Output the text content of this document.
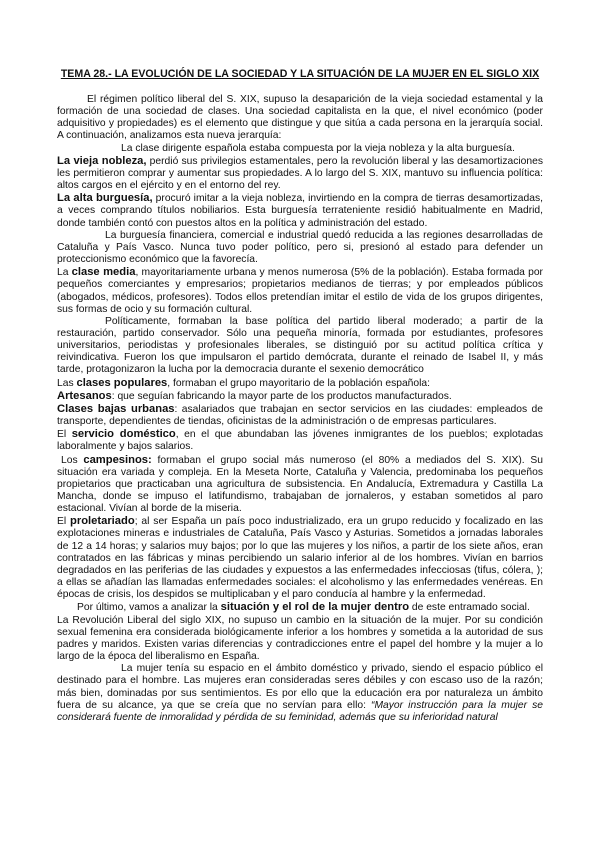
TEMA 28.- LA EVOLUCIÓN DE LA SOCIEDAD Y LA SITUACIÓN DE LA MUJER EN EL SIGLO XIX

El régimen político liberal del S. XIX, supuso la desaparición de la vieja sociedad estamental y la formación de una sociedad de clases. Una sociedad capitalista en la que, el nivel económico (poder adquisitivo y propiedades) es el elemento que distingue y que sitúa a cada persona en la jerarquía social. A continuación, analizamos esta nueva jerarquía:

La clase dirigente española estaba compuesta por la vieja nobleza y la alta burguesía.

La vieja nobleza, perdió sus privilegios estamentales, pero la revolución liberal y las desamortizaciones les permitieron comprar y aumentar sus propiedades. A lo largo del S. XIX, mantuvo su influencia política: altos cargos en el ejército y en el entorno del rey.

La alta burguesía, procuró imitar a la vieja nobleza, invirtiendo en la compra de tierras desamortizadas, a veces comprando títulos nobiliarios. Esta burguesía terrateniente residió habitualmente en Madrid, donde también contó con puestos altos en la política y administración del estado.

La burguesía financiera, comercial e industrial quedó reducida a las regiones desarrolladas de Cataluña y País Vasco. Nunca tuvo poder político, pero si, presionó al estado para defender un proteccionismo económico que la favorecía.

La clase media, mayoritariamente urbana y menos numerosa (5% de la población). Estaba formada por pequeños comerciantes y empresarios; propietarios medianos de tierras; y por empleados públicos (abogados, médicos, profesores). Todos ellos pretendían imitar el estilo de vida de los grupos dirigentes, sus formas de ocio y su formación cultural.

Políticamente, formaban la base política del partido liberal moderado; a partir de la restauración, partido conservador. Sólo una pequeña minoría, formada por estudiantes, profesores universitarios, periodistas y profesionales liberales, se distinguió por su actitud política crítica y reivindicativa. Fueron los que impulsaron el partido demócrata, durante el reinado de Isabel II, y más tarde, protagonizaron la lucha por la democracia durante el sexenio democrático

Las clases populares, formaban el grupo mayoritario de la población española:

Artesanos: que seguían fabricando la mayor parte de los productos manufacturados.

Clases bajas urbanas: asalariados que trabajan en sector servicios en las ciudades: empleados de transporte, dependientes de tiendas, oficinistas de la administración o de empresas particulares.

El servicio doméstico, en el que abundaban las jóvenes inmigrantes de los pueblos; explotadas laboralmente y bajos salarios.

Los campesinos: formaban el grupo social más numeroso (el 80% a mediados del S. XIX). Su situación era variada y compleja. En la Meseta Norte, Cataluña y Valencia, predominaba los pequeños propietarios que practicaban una agricultura de subsistencia. En Andalucía, Extremadura y Castilla La Mancha, donde se impuso el latifundismo, trabajaban de jornaleros, y estaban sometidos al paro estacional. Vivían al borde de la miseria.

El proletariado; al ser España un país poco industrializado, era un grupo reducido y focalizado en las explotaciones mineras e industriales de Cataluña, País Vasco y Asturias. Sometidos a jornadas laborales de 12 a 14 horas; y salarios muy bajos; por lo que las mujeres y los niños, a partir de los siete años, eran contratados en las fábricas y minas percibiendo un salario inferior al de los hombres. Vivían en barrios degradados en las periferias de las ciudades y expuestos a las enfermedades infecciosas (tifus, cólera, ); a ellas se añadían las llamadas enfermedades sociales: el alcoholismo y las enfermedades venéreas. En épocas de crisis, los despidos se multiplicaban y el paro conducía al hambre y la enfermedad.

Por último, vamos a analizar la situación y el rol de la mujer dentro de este entramado social.

La Revolución Liberal del siglo XIX, no supuso un cambio en la situación de la mujer. Por su condición sexual femenina era considerada biológicamente inferior a los hombres y sometida a la autoridad de sus padres y maridos. Existen varias diferencias y contradicciones entre el papel del hombre y la mujer a lo largo de la época del liberalismo en España.

La mujer tenía su espacio en el ámbito doméstico y privado, siendo el espacio público el destinado para el hombre. Las mujeres eran consideradas seres débiles y con escaso uso de la razón; más bien, dominadas por sus sentimientos. Es por ello que la educación era por naturaleza un ámbito fuera de su alcance, ya que se creía que no servían para ello: “Mayor instrucción para la mujer se considerará fuente de inmoralidad y pérdida de su feminidad, además que su inferioridad natural
